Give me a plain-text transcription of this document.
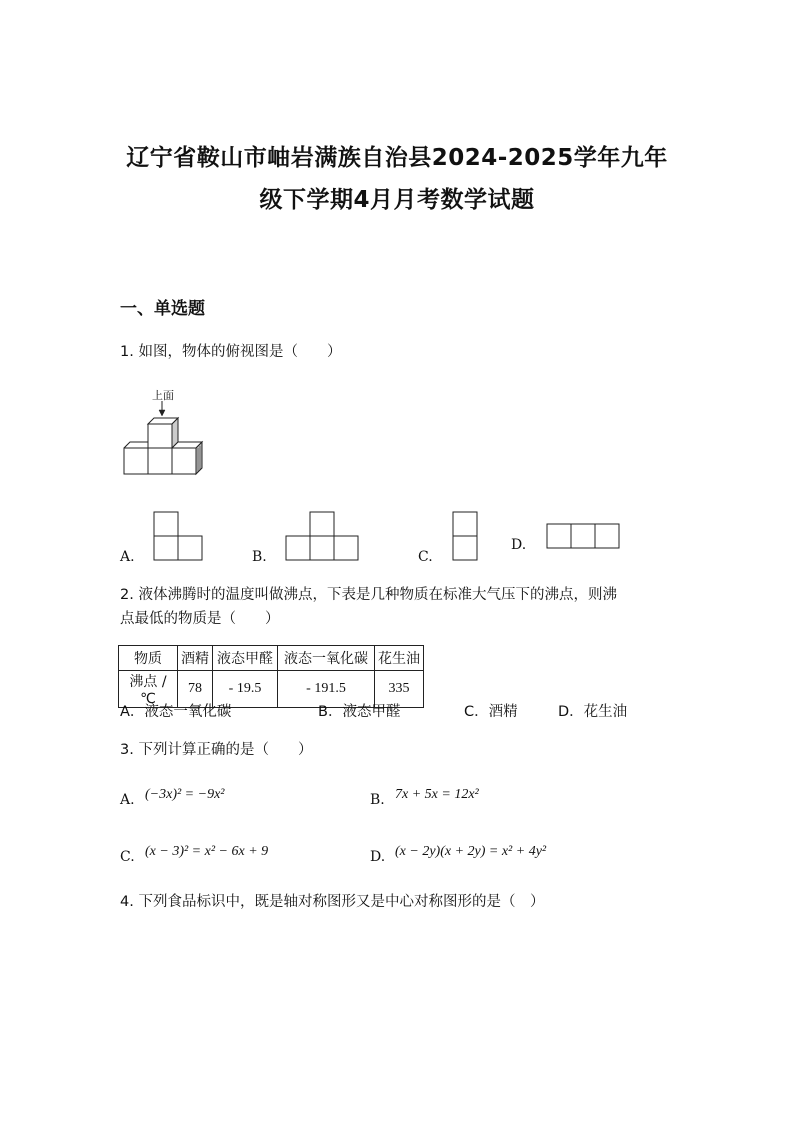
辽宁省鞍山市岫岩满族自治县2024-2025学年九年
级下学期4月月考数学试题
一、单选题
1. 如图，物体的俯视图是（　　）
上面
A.	B.	C.
D.
2. 液体沸腾时的温度叫做沸点，下表是几种物质在标准大气压下的沸点，则沸
点最低的物质是（　　）
物质	酒精	液态甲醛	液态一氧化碳	花生油
沸点 / ℃	78	- 19.5	- 191.5	335
A．液态一氧化碳	B．液态甲醛	C．酒精	D．花生油
3. 下列计算正确的是（　　）
A. (−3x)² = −9x²	B. 7x + 5x = 12x²
C. (x − 3)² = x² − 6x + 9	D. (x − 2y)(x + 2y) = x² + 4y²
4. 下列食品标识中，既是轴对称图形又是中心对称图形的是（　）
